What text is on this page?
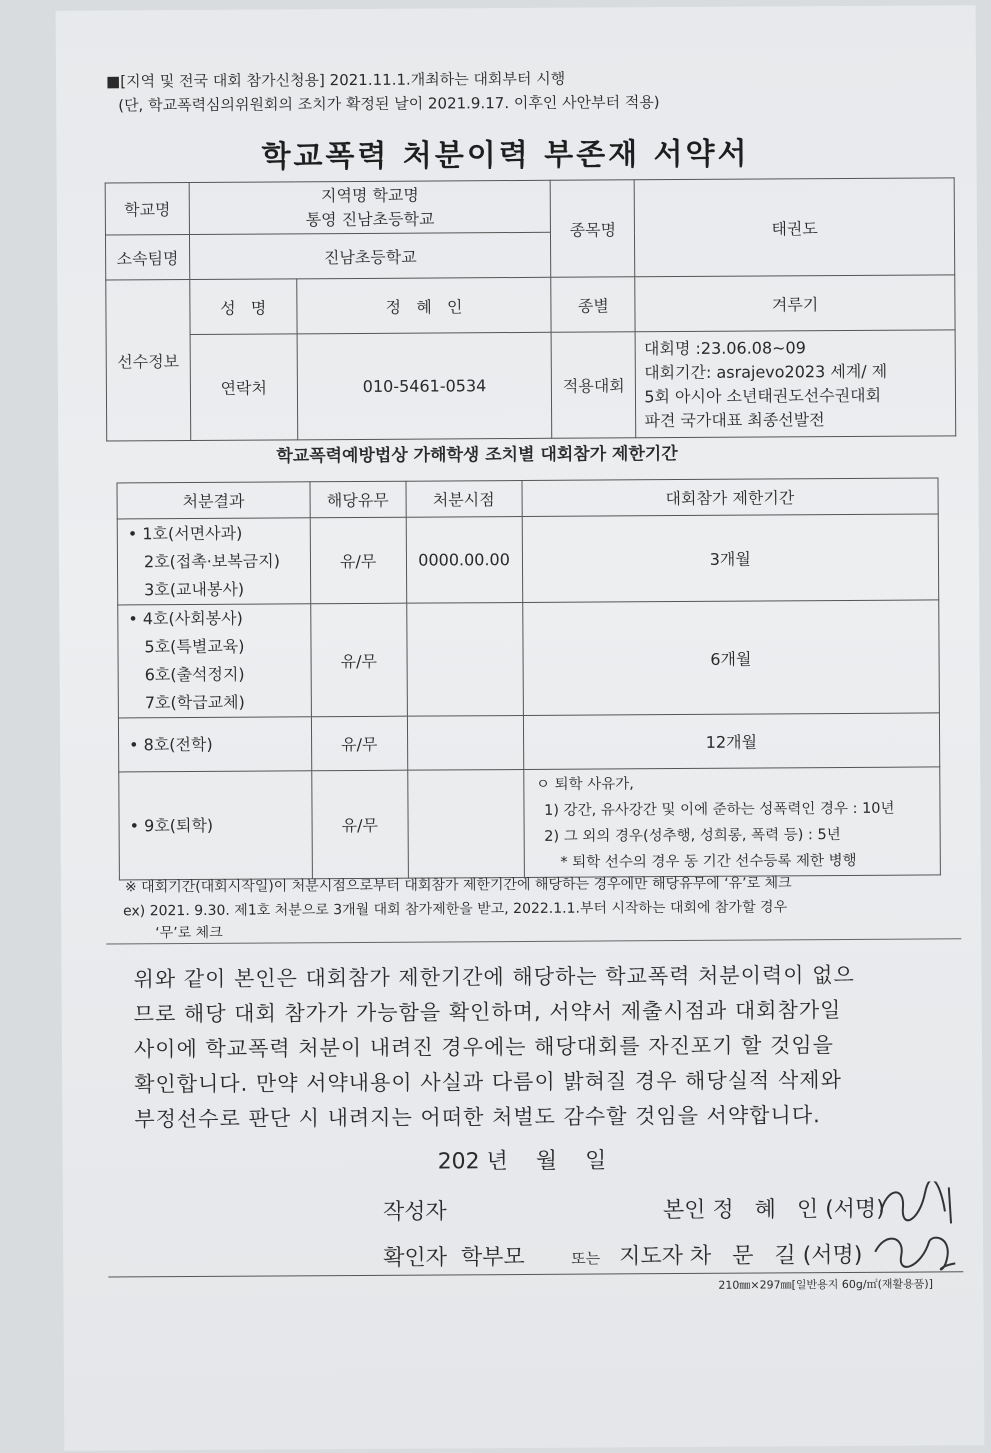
■[지역 및 전국 대회 참가신청용] 2021.11.1.개최하는 대회부터 시행
(단, 학교폭력심의위원회의 조치가 확정된 날이 2021.9.17. 이후인 사안부터 적용)
학교폭력 처분이력 부존재 서약서
학교명	지역명 학교명
통영 진남초등학교		종목명	태권도
소속팀명	진남초등학교			
선수정보	성   명	정   혜   인	종별	겨루기
	연락처	010-5461-0534	적용대회	대회명 :23.06.08~09
대회기간: asrajevo2023 세계/ 제
5회 아시아 소년태권도선수권대회
파견 국가대표 최종선발전
학교폭력예방법상 가해학생 조치별 대회참가 제한기간
처분결과	해당유무	처분시점	대회참가 제한기간

• 1호(서면사과)
2호(접촉·보복금지)
3호(교내봉사)	유/무	0000.00.00	3개월

• 4호(사회봉사)
5호(특별교육)
6호(출석정지)
7호(학급교체)	유/무		6개월

• 8호(전학)	유/무		12개월

• 9호(퇴학)	유/무		ㅇ 퇴학 사유가,
1) 강간, 유사강간 및 이에 준하는 성폭력인 경우 : 10년
2) 그 외의 경우(성추행, 성희롱, 폭력 등) : 5년
* 퇴학 선수의 경우 동 기간 선수등록 제한 병행
※ 대회기간(대회시작일)이 처분시점으로부터 대회참가 제한기간에 해당하는 경우에만 해당유무에 ‘유’로 체크
ex) 2021. 9.30. 제1호 처분으로 3개월 대회 참가제한을 받고, 2022.1.1.부터 시작하는 대회에 참가할 경우
‘무’로 체크
위와 같이 본인은 대회참가 제한기간에 해당하는 학교폭력 처분이력이 없으
므로 해당 대회 참가가 가능함을 확인하며, 서약서 제출시점과 대회참가일
사이에 학교폭력 처분이 내려진 경우에는 해당대회를 자진포기 할 것임을
확인합니다. 만약 서약내용이 사실과 다름이 밝혀질 경우 해당실적 삭제와
부정선수로 판단 시 내려지는 어떠한 처벌도 감수할 것임을 서약합니다.
202 년    월    일
작성자	본인 정   혜   인 (서명)
확인자  학부모	또는 지도자 차   문   길 (서명)
210㎜×297㎜[일반용지 60g/㎡(재활용품)]
